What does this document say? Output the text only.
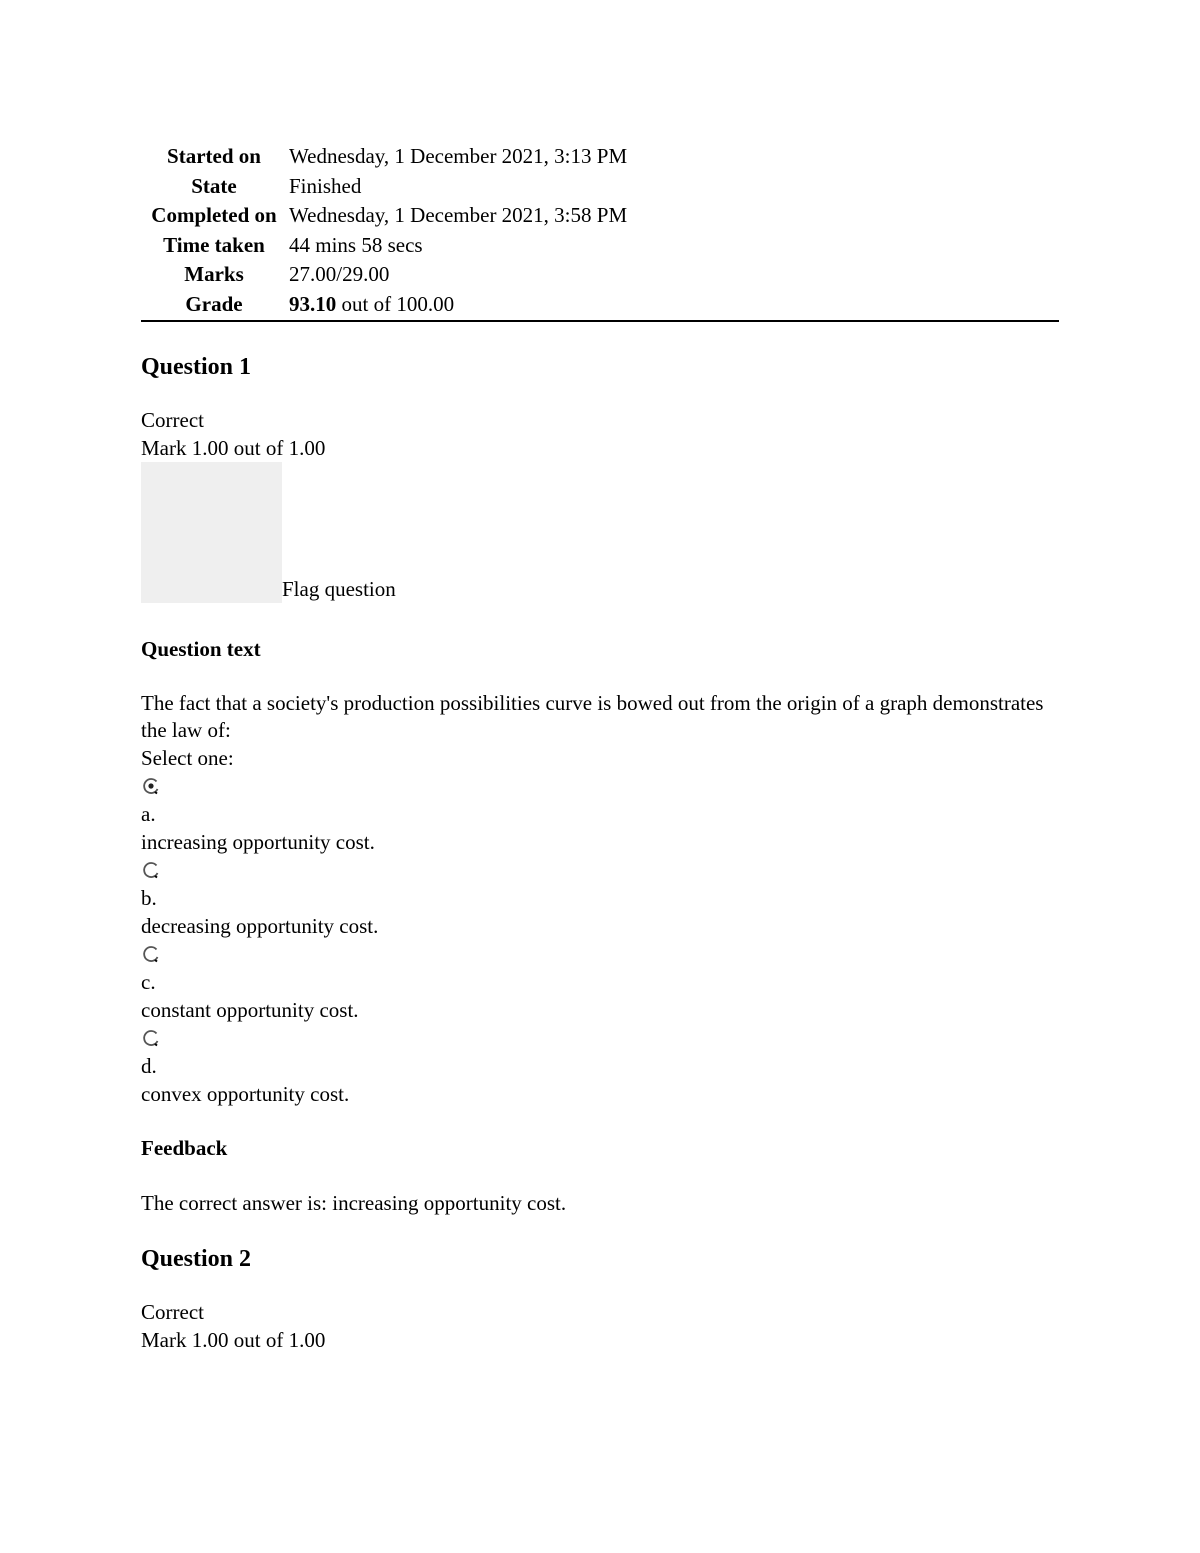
Started on	Wednesday, 1 December 2021, 3:13 PM
State	Finished
Completed on	Wednesday, 1 December 2021, 3:58 PM
Time taken	44 mins 58 secs
Marks	27.00/29.00
Grade	93.10 out of 100.00
Question 1

Correct

Mark 1.00 out of 1.00

Flag question

Question text

The fact that a society's production possibilities curve is bowed out from the origin of a graph demonstrates the law of:

Select one:

a.

increasing opportunity cost.

b.

decreasing opportunity cost.

c.

constant opportunity cost.

d.

convex opportunity cost.

Feedback

The correct answer is: increasing opportunity cost.

Question 2

Correct

Mark 1.00 out of 1.00
